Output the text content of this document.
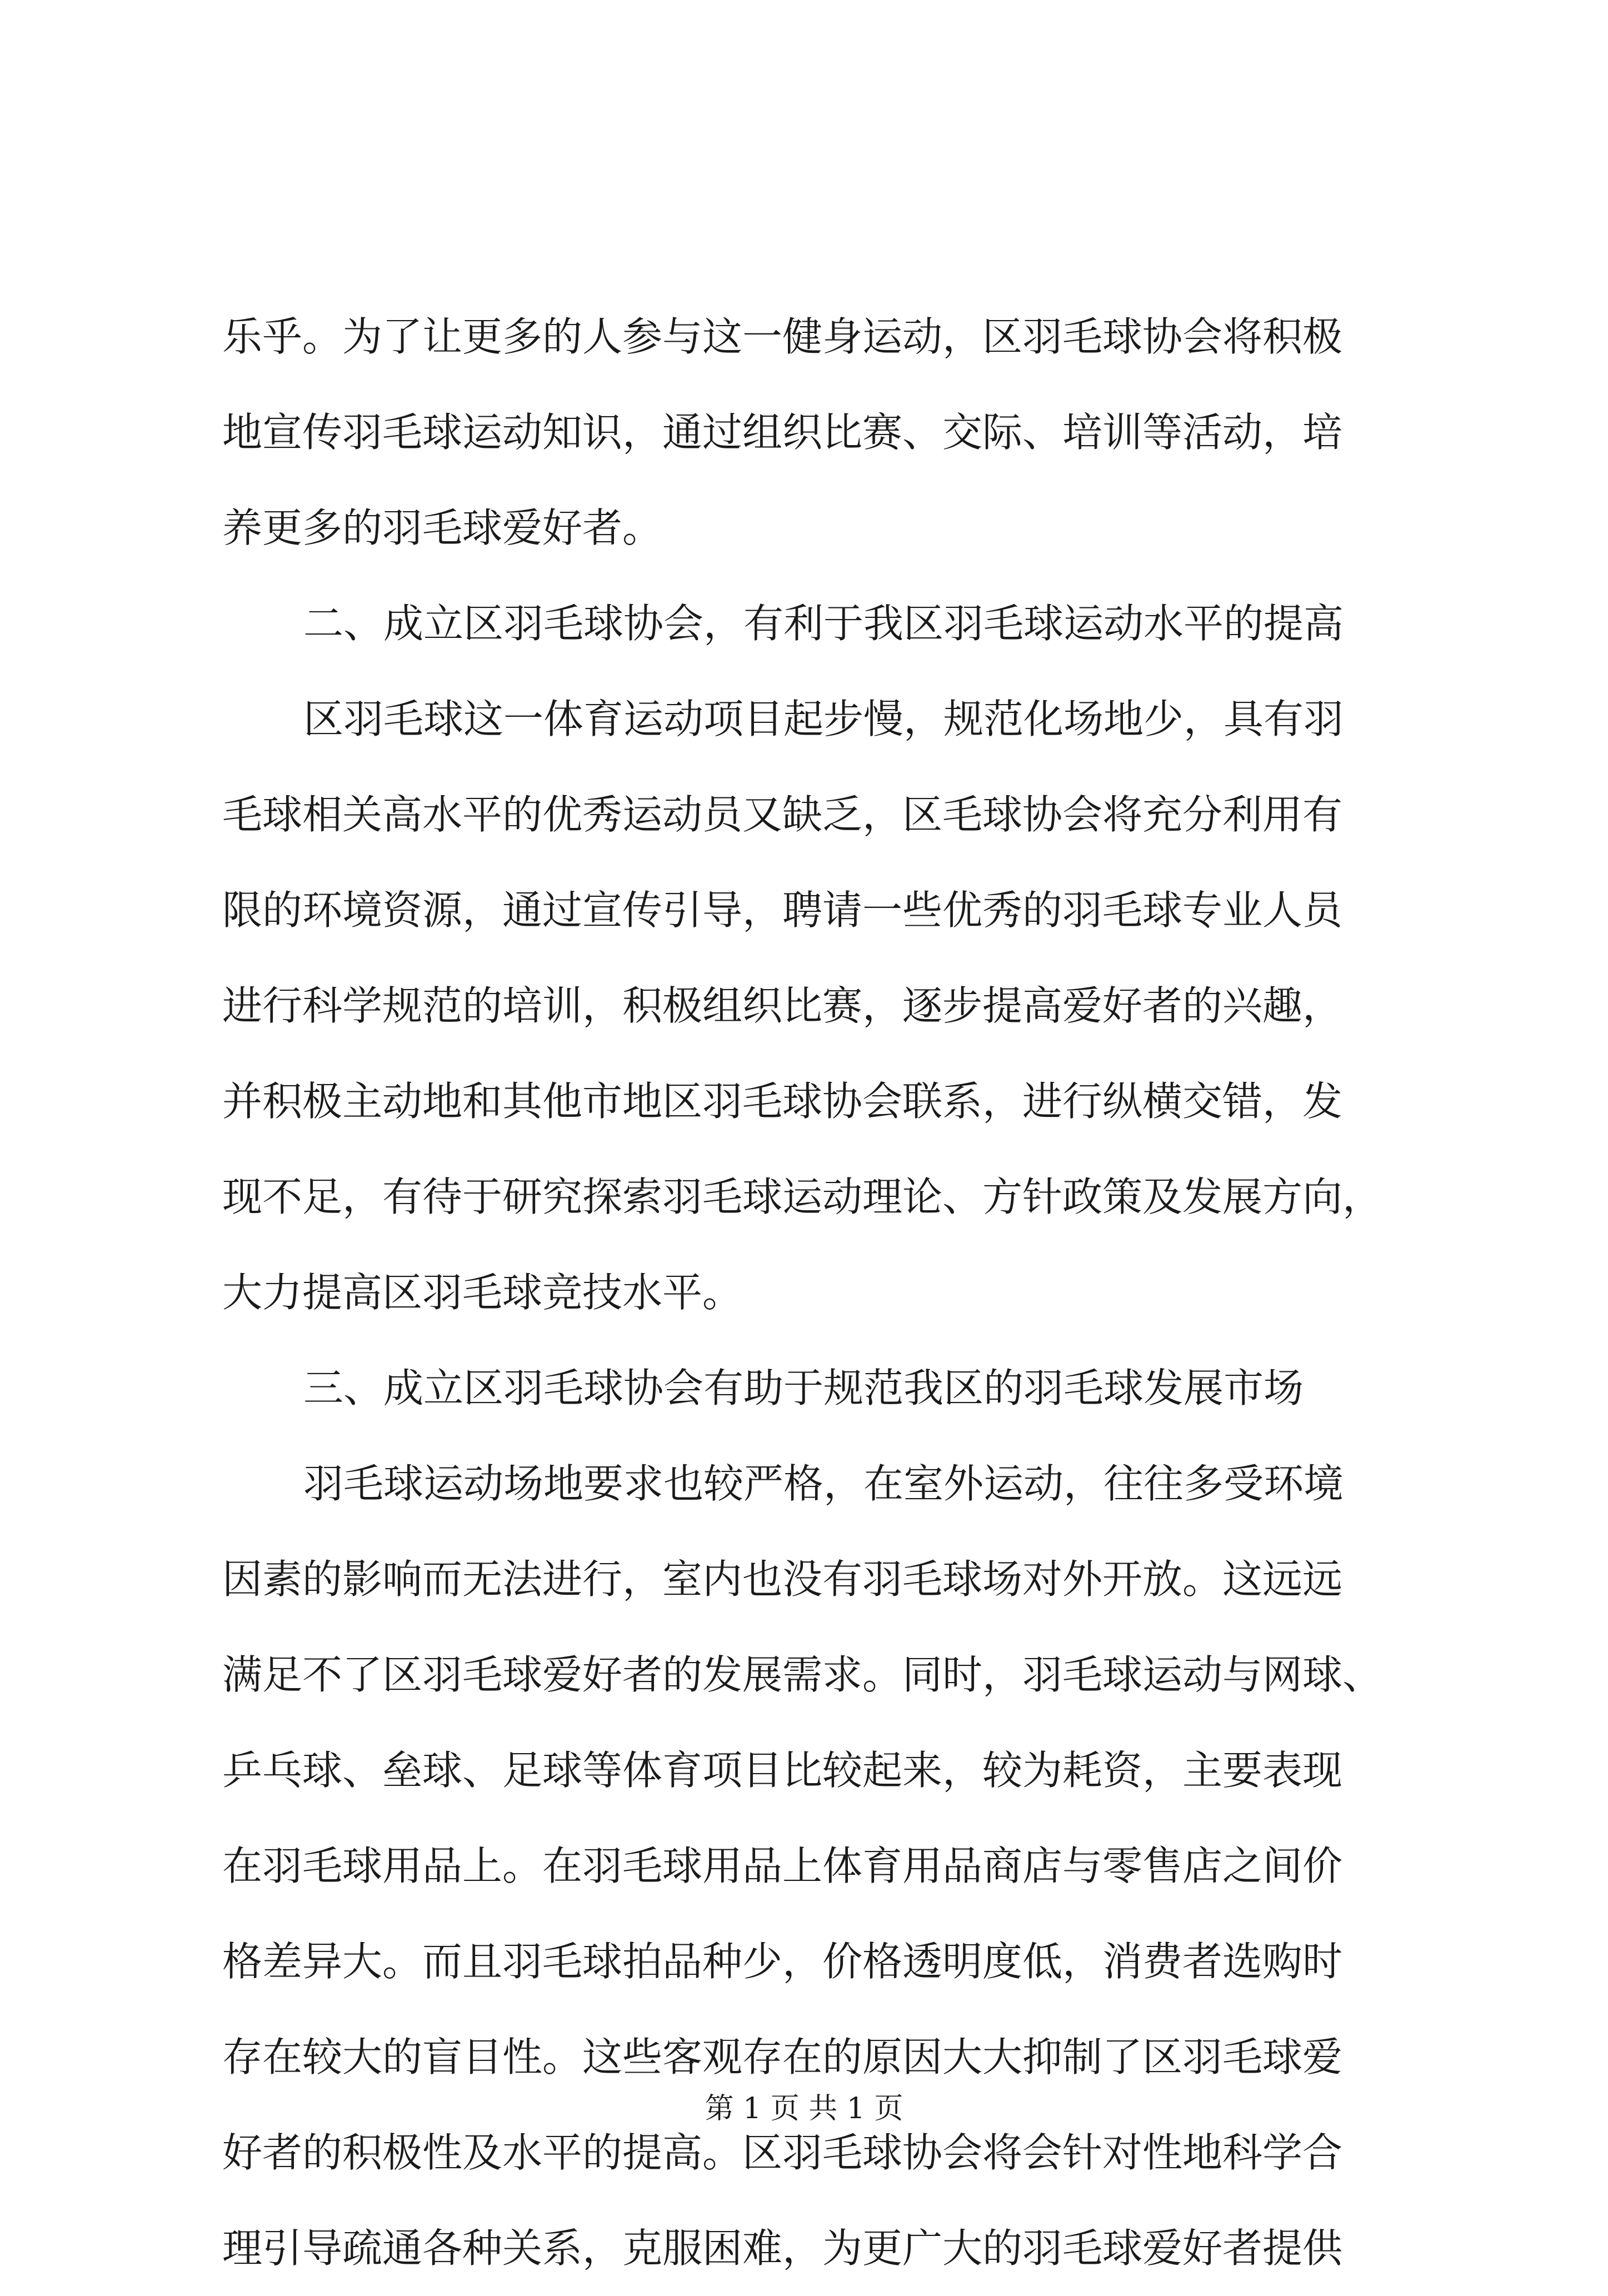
乐乎。为了让更多的人参与这一健身运动，区羽毛球协会将积极
地宣传羽毛球运动知识，通过组织比赛、交际、培训等活动，培
养更多的羽毛球爱好者。
二、成立区羽毛球协会，有利于我区羽毛球运动水平的提高
区羽毛球这一体育运动项目起步慢，规范化场地少，具有羽
毛球相关高水平的优秀运动员又缺乏，区毛球协会将充分利用有
限的环境资源，通过宣传引导，聘请一些优秀的羽毛球专业人员
进行科学规范的培训，积极组织比赛，逐步提高爱好者的兴趣，
并积极主动地和其他市地区羽毛球协会联系，进行纵横交错，发
现不足，有待于研究探索羽毛球运动理论、方针政策及发展方向，
大力提高区羽毛球竞技水平。
三、成立区羽毛球协会有助于规范我区的羽毛球发展市场
羽毛球运动场地要求也较严格，在室外运动，往往多受环境
因素的影响而无法进行，室内也没有羽毛球场对外开放。这远远
满足不了区羽毛球爱好者的发展需求。同时，羽毛球运动与网球、
乒乓球、垒球、足球等体育项目比较起来，较为耗资，主要表现
在羽毛球用品上。在羽毛球用品上体育用品商店与零售店之间价
格差异大。而且羽毛球拍品种少，价格透明度低，消费者选购时
存在较大的盲目性。这些客观存在的原因大大抑制了区羽毛球爱
好者的积极性及水平的提高。区羽毛球协会将会针对性地科学合
理引导疏通各种关系，克服困难，为更广大的羽毛球爱好者提供
第 1 页 共 1 页
